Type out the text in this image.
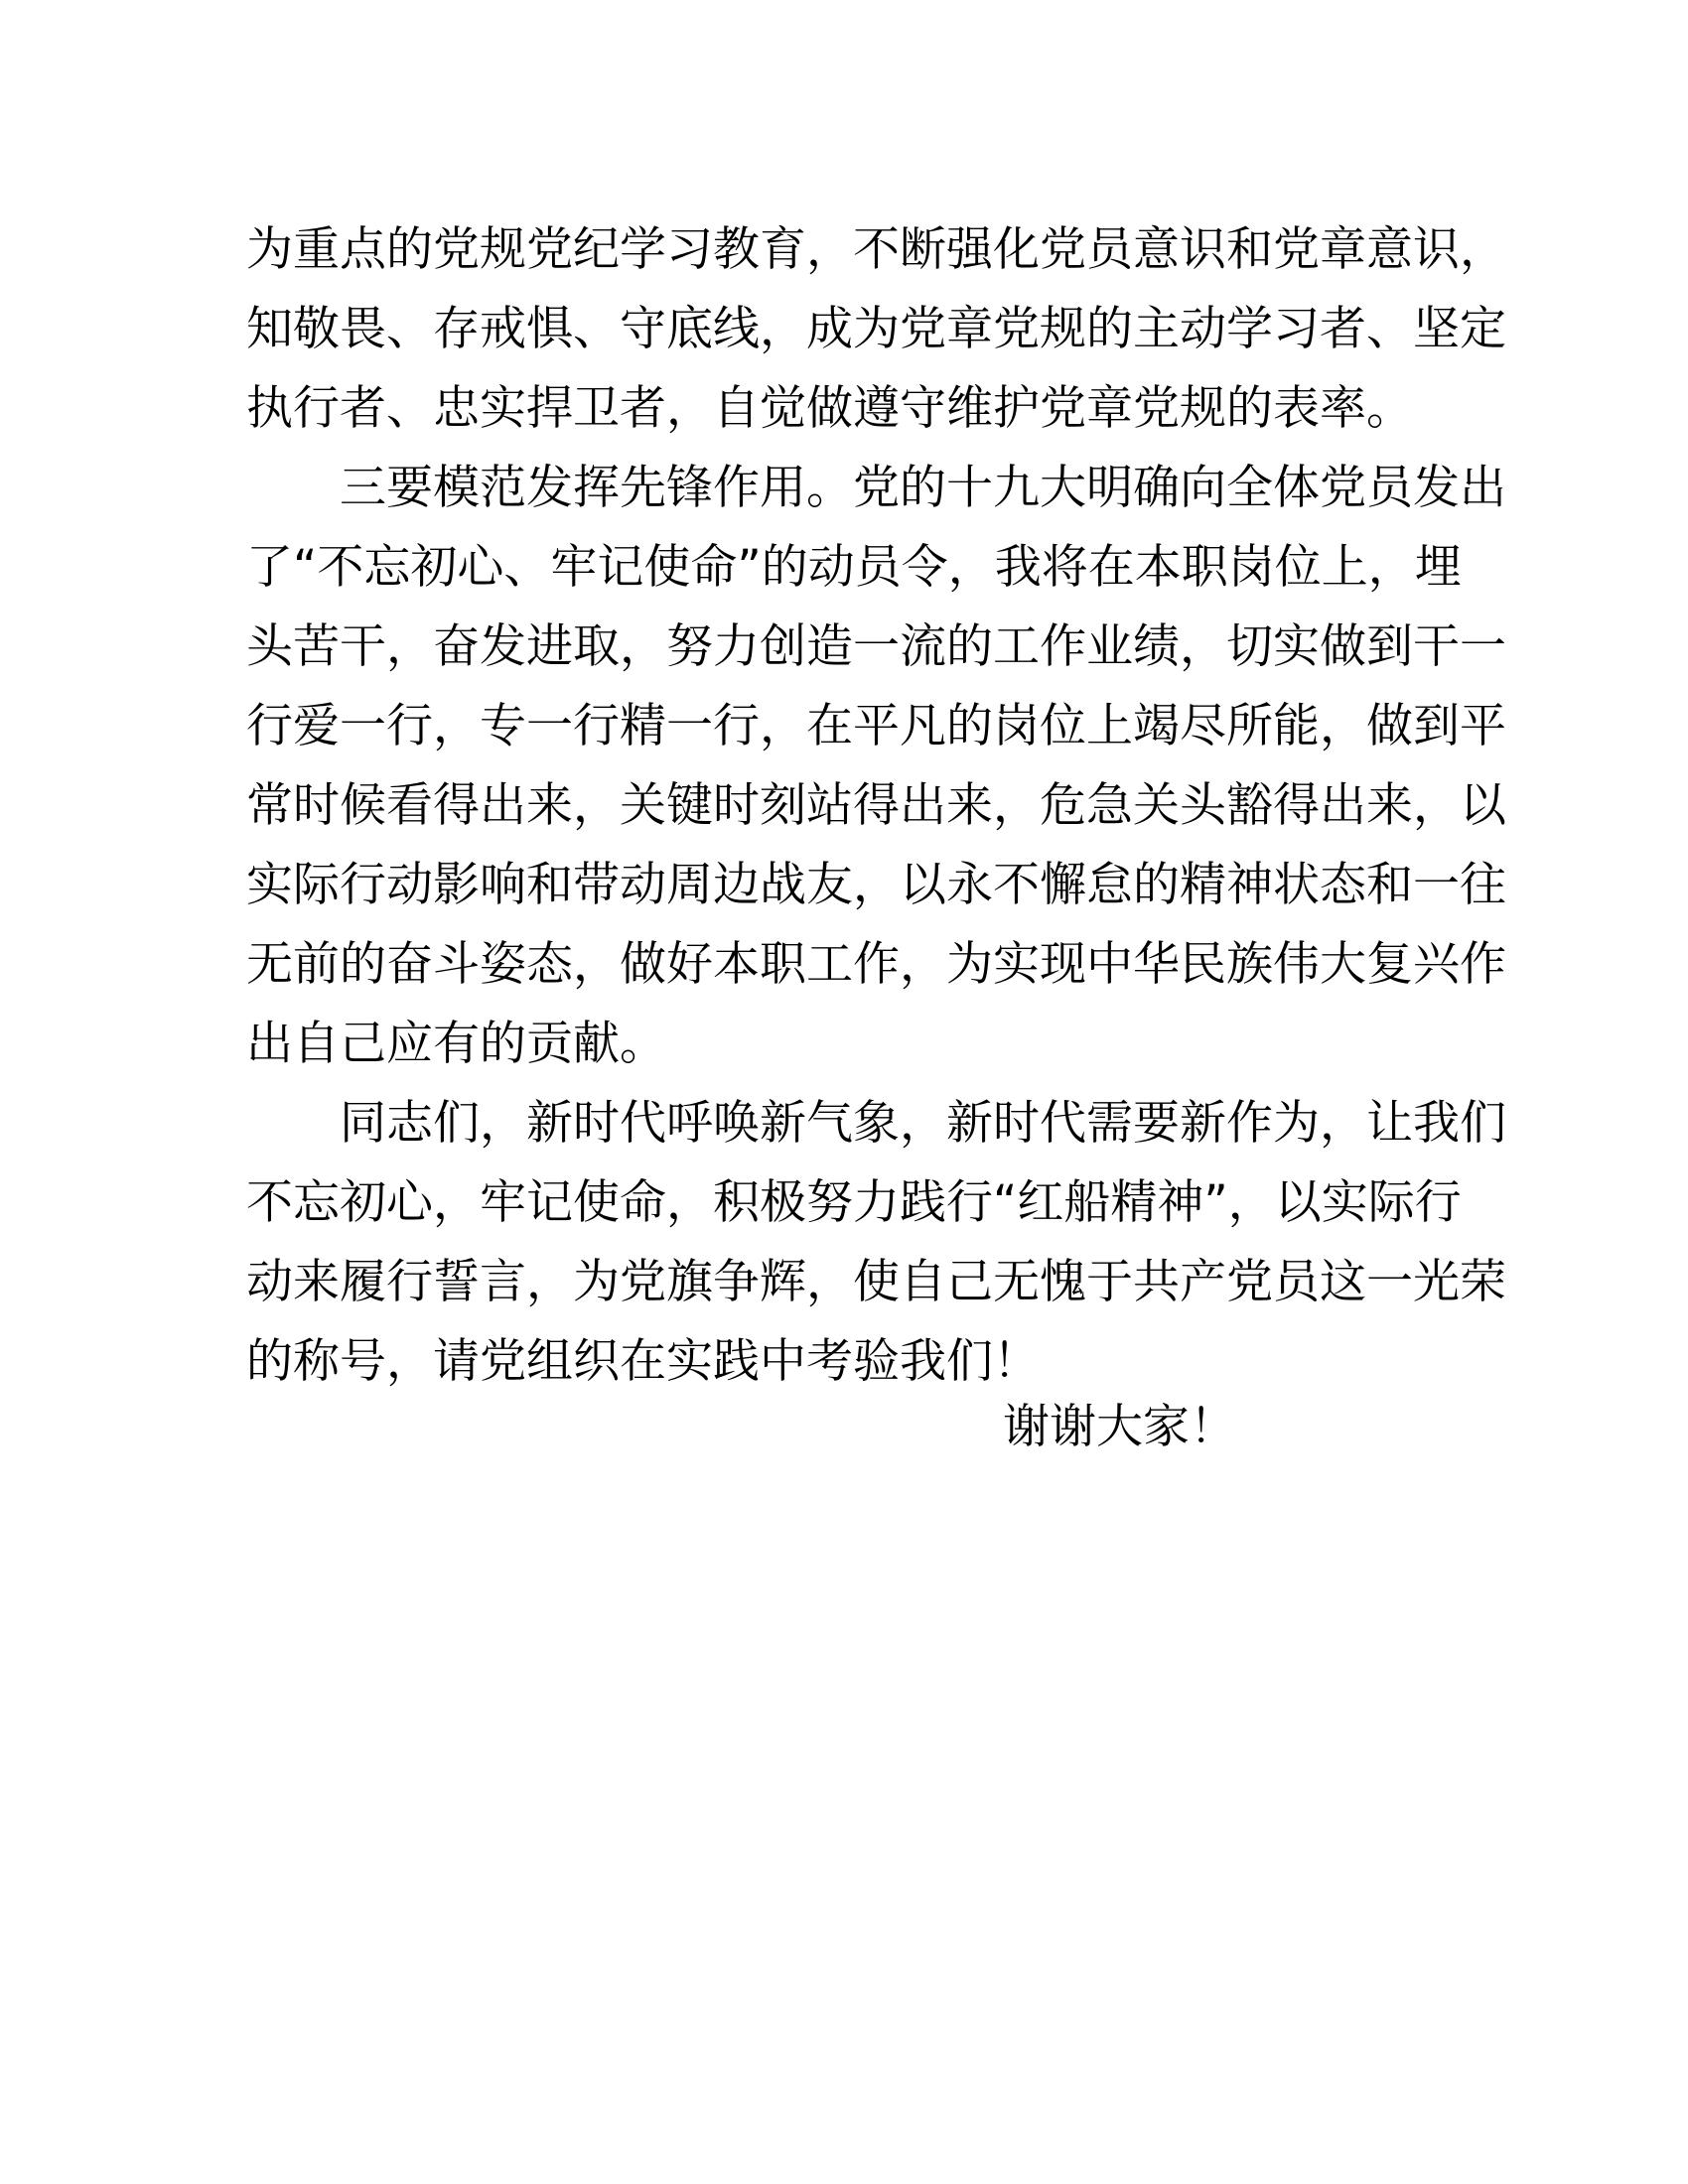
为重点的党规党纪学习教育，不断强化党员意识和党章意识，
知敬畏、存戒惧、守底线，成为党章党规的主动学习者、坚定
执行者、忠实捍卫者，自觉做遵守维护党章党规的表率。
三要模范发挥先锋作用。党的十九大明确向全体党员发出
了“不忘初心、牢记使命”的动员令，我将在本职岗位上，埋
头苦干，奋发进取，努力创造一流的工作业绩，切实做到干一
行爱一行，专一行精一行，在平凡的岗位上竭尽所能，做到平
常时候看得出来，关键时刻站得出来，危急关头豁得出来，以
实际行动影响和带动周边战友，以永不懈怠的精神状态和一往
无前的奋斗姿态，做好本职工作，为实现中华民族伟大复兴作
出自己应有的贡献。
同志们，新时代呼唤新气象，新时代需要新作为，让我们
不忘初心，牢记使命，积极努力践行“红船精神”，以实际行
动来履行誓言，为党旗争辉，使自己无愧于共产党员这一光荣
的称号，请党组织在实践中考验我们！
谢谢大家！
